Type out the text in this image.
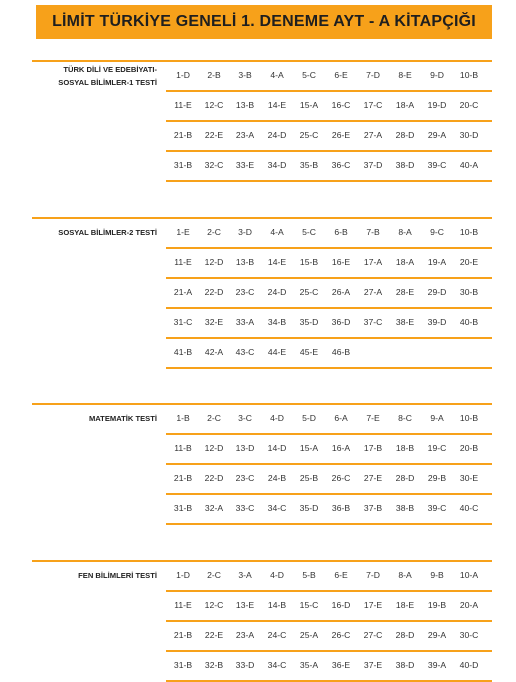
LİMİT TÜRKİYE GENELİ 1. DENEME AYT - A KİTAPÇIĞI
TÜRK DİLİ VE EDEBİYATI-
SOSYAL BİLİMLER-1 TESTİ
1-D	2-B	3-B	4-A	5-C	6-E	7-D	8-E	9-D	10-B
11-E	12-C	13-B	14-E	15-A	16-C	17-C	18-A	19-D	20-C
21-B	22-E	23-A	24-D	25-C	26-E	27-A	28-D	29-A	30-D
31-B	32-C	33-E	34-D	35-B	36-C	37-D	38-D	39-C	40-A
SOSYAL BİLİMLER-2 TESTİ	1-E	2-C	3-D	4-A	5-C	6-B	7-B	8-A	9-C	10-B
11-E	12-D	13-B	14-E	15-B	16-E	17-A	18-A	19-A	20-E
21-A	22-D	23-C	24-D	25-C	26-A	27-A	28-E	29-D	30-B
31-C	32-E	33-A	34-B	35-D	36-D	37-C	38-E	39-D	40-B
41-B	42-A	43-C	44-E	45-E	46-B
MATEMATİK TESTİ	1-B	2-C	3-C	4-D	5-D	6-A	7-E	8-C	9-A	10-B
11-B	12-D	13-D	14-D	15-A	16-A	17-B	18-B	19-C	20-B
21-B	22-D	23-C	24-B	25-B	26-C	27-E	28-D	29-B	30-E
31-B	32-A	33-C	34-C	35-D	36-B	37-B	38-B	39-C	40-C
FEN BİLİMLERİ TESTİ	1-D	2-C	3-A	4-D	5-B	6-E	7-D	8-A	9-B	10-A
11-E	12-C	13-E	14-B	15-C	16-D	17-E	18-E	19-B	20-A
21-B	22-E	23-A	24-C	25-A	26-C	27-C	28-D	29-A	30-C
31-B	32-B	33-D	34-C	35-A	36-E	37-E	38-D	39-A	40-D
